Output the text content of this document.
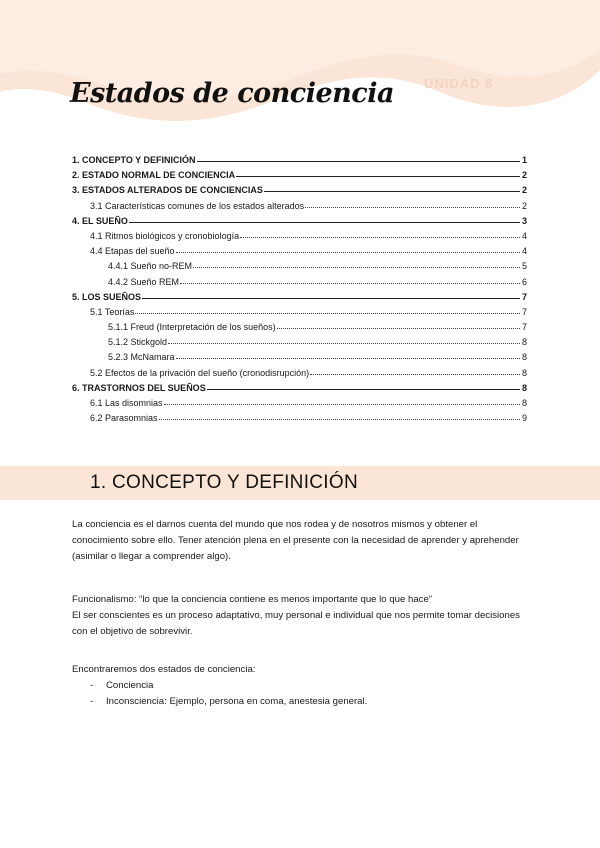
Estados de conciencia UNIDAD 6
1. CONCEPTO Y DEFINICIÓN	1
2. ESTADO NORMAL DE CONCIENCIA	2
3. ESTADOS ALTERADOS DE CONCIENCIAS	2
3.1 Características comunes de los estados alterados	2
4. EL SUEÑO	3
4.1 Ritmos biológicos y cronobiología	4
4.4 Etapas del sueño	4
4.4.1 Sueño no-REM	5
4.4.2 Sueño REM	6
5. LOS SUEÑOS	7
5.1 Teorías	7
5.1.1 Freud (Interpretación de los sueños)	7
5.1.2 Stickgold	8
5.2.3 McNamara	8
5.2 Efectos de la privación del sueño (cronodisrupción)	8
6. TRASTORNOS DEL SUEÑOS	8
6.1 Las disomnias	8
6.2 Parasomnias	9
1. CONCEPTO Y DEFINICIÓN

La conciencia es el darnos cuenta del mundo que nos rodea y de nosotros mismos y obtener el conocimiento sobre ello. Tener atención plena en el presente con la necesidad de aprender y aprehender (asimilar o llegar a comprender algo).

Funcionalismo: “lo que la conciencia contiene es menos importante que lo que hace”

El ser conscientes es un proceso adaptativo, muy personal e individual que nos permite tomar decisiones con el objetivo de sobrevivir.

Encontraremos dos estados de conciencia:

- Conciencia
- Inconsciencia: Ejemplo, persona en coma, anestesia general.
